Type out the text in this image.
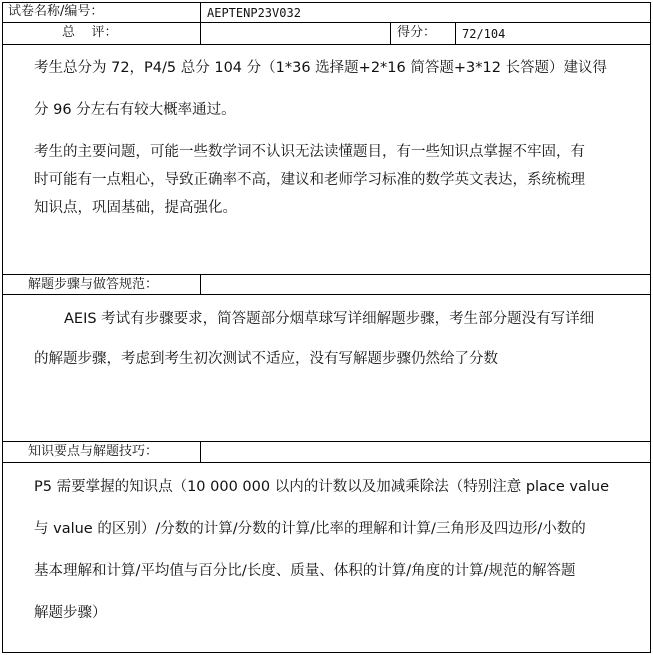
试卷名称/编号：	AEPTENP23V032
总    评：	得分： 72/104
考生总分为 72，P4/5 总分 104 分（1*36 选择题+2*16 简答题+3*12 长答题）建议得
分 96 分左右有较大概率通过。
考生的主要问题，可能一些数学词不认识无法读懂题目，有一些知识点掌握不牢固，有
时可能有一点粗心，导致正确率不高，建议和老师学习标准的数学英文表达，系统梳理
知识点，巩固基础，提高强化。
解题步骤与做答规范：
AEIS 考试有步骤要求，简答题部分烟草球写详细解题步骤，考生部分题没有写详细
的解题步骤，考虑到考生初次测试不适应，没有写解题步骤仍然给了分数
知识要点与解题技巧：
P5 需要掌握的知识点（10 000 000 以内的计数以及加减乘除法（特别注意 place value
与 value 的区别）/分数的计算/分数的计算/比率的理解和计算/三角形及四边形/小数的
基本理解和计算/平均值与百分比/长度、质量、体积的计算/角度的计算/规范的解答题
解题步骤）
